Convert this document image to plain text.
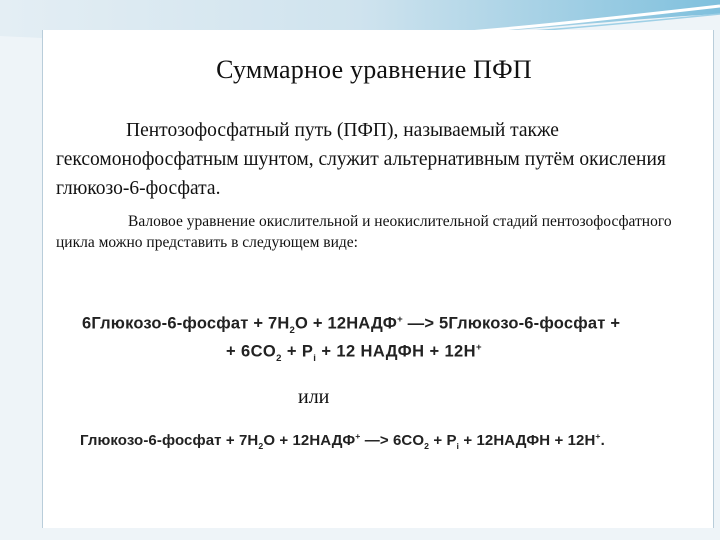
Суммарное уравнение ПФП

Пентозофосфатный путь (ПФП), называемый также гексомонофосфатным шунтом, служит альтернативным путём окисления глюкозо-6-фосфата.

Валовое уравнение окислительной и неокислительной стадий пентозофосфатного цикла можно представить в следующем виде:

6Глюкозо-6-фосфат + $7H_2O$ + 12НАДФ+ —> 5Глюкозо-6-фосфат +
+ $6CO_2 + P_i + 12$ НАДФН + 12H+
или
Глюкозо-6-фосфат + $7H_2O$ + 12НАДФ+ —> $6CO_2 + P_i$ + 12НАДФН + 12H+.
